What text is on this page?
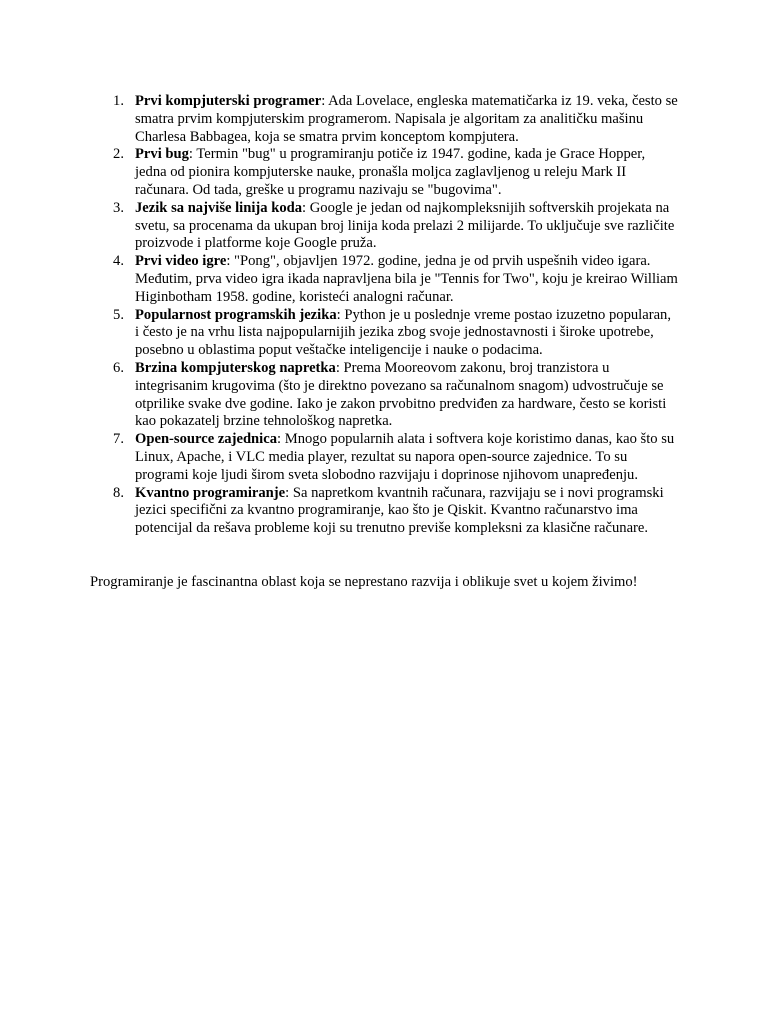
1. Prvi kompjuterski programer: Ada Lovelace, engleska matematičarka iz 19. veka, često se smatra prvim kompjuterskim programerom. Napisala je algoritam za analitičku mašinu Charlesa Babbagea, koja se smatra prvim konceptom kompjutera.
2. Prvi bug: Termin "bug" u programiranju potiče iz 1947. godine, kada je Grace Hopper, jedna od pionira kompjuterske nauke, pronašla moljca zaglavljenog u releju Mark II računara. Od tada, greške u programu nazivaju se "bugovima".
3. Jezik sa najviše linija koda: Google je jedan od najkompleksnijih softverskih projekata na svetu, sa procenama da ukupan broj linija koda prelazi 2 milijarde. To uključuje sve različite proizvode i platforme koje Google pruža.
4. Prvi video igre: "Pong", objavljen 1972. godine, jedna je od prvih uspešnih video igara. Međutim, prva video igra ikada napravljena bila je "Tennis for Two", koju je kreirao William Higinbotham 1958. godine, koristeći analogni računar.
5. Popularnost programskih jezika: Python je u poslednje vreme postao izuzetno popularan, i često je na vrhu lista najpopularnijih jezika zbog svoje jednostavnosti i široke upotrebe, posebno u oblastima poput veštačke inteligencije i nauke o podacima.
6. Brzina kompjuterskog napretka: Prema Mooreovom zakonu, broj tranzistora u integrisanim krugovima (što je direktno povezano sa računalnom snagom) udvostručuje se otprilike svake dve godine. Iako je zakon prvobitno predviđen za hardware, često se koristi kao pokazatelj brzine tehnološkog napretka.
7. Open-source zajednica: Mnogo popularnih alata i softvera koje koristimo danas, kao što su Linux, Apache, i VLC media player, rezultat su napora open-source zajednice. To su programi koje ljudi širom sveta slobodno razvijaju i doprinose njihovom unapređenju.
8. Kvantno programiranje: Sa napretkom kvantnih računara, razvijaju se i novi programski jezici specifični za kvantno programiranje, kao što je Qiskit. Kvantno računarstvo ima potencijal da rešava probleme koji su trenutno previše kompleksni za klasične računare.

Programiranje je fascinantna oblast koja se neprestano razvija i oblikuje svet u kojem živimo!
